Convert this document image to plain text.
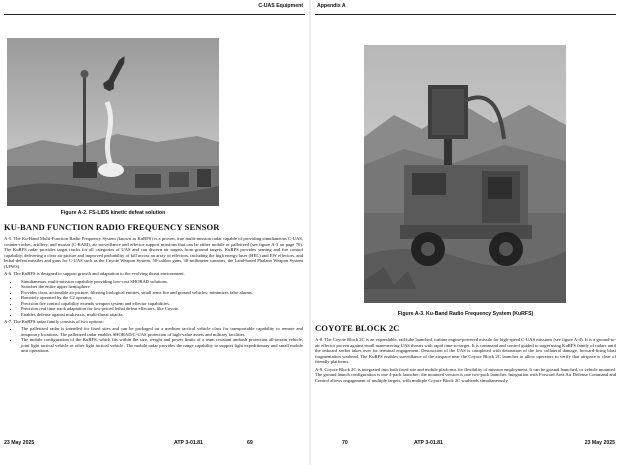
C-UAS Equipment
Figure A-2. FS-LIDS kinetic defeat solution
KU-BAND FUNCTION RADIO FREQUENCY SENSOR

A-5. The Ku-Band Multi-Function Radio Frequency System (known as KuRFS) is a proven, true multi-mission radar capable of providing simultaneous C-UAS, counter-rocket, artillery, and mortar (C-RAM), air surveillance and effector support missions that can be either mobile or palletized (see figure A-3 on page 70). The KuRFS radar provides target tracks for all categories of UAS and can discern air targets from ground targets. KuRFS provides sensing and fire control capability, delivering a clear air picture and improved probability of kill across an array of effectors, including the high energy laser (HEL) and EW effectors, and lethal-defeat missiles and guns for C-UAS such as the Coyote Weapon System, 50-caliber guns, 30-millimeter cannons, the Land-based Phalanx Weapon System (LPWS).

A-6. The KuRFS is designed to support growth and adaptation to the evolving threat environment.

• Simultaneous, multi-mission capability providing low-cost SHORAD solutions.
• Searches the entire upper hemisphere.
• Provides clear, actionable air picture, filtering biological entities, small arms fire and ground vehicles; minimizes false alarms.
• Remotely operated by the C2 operator.
• Precision fire control capability extends weapon system and effector capabilities.
• Precision real time track adaptation for low-priced lethal defeat effectors, like Coyote.
• Enables defense against multi-axis, multi-threat attacks.

A-7. The KuRFS radar family consists of two options:

• The palletized radar is intended for fixed sites and can be packaged on a medium tactical vehicle class for transportable capability to remote and temporary locations. The palletized radar enables SHORAD/C-UAS protection of high-value assets and military facilities.
• The mobile configuration of the KuRFS, which fits within the size, weight and power limits of a team resistant ambush protection all-terrain vehicle, joint light tactical vehicle or other light tactical vehicle. The mobile radar provides the range capability to support light expeditionary and small mobile unit operations.
23 May 2025	ATP 3-01.81	69
Appendix A
Figure A-3. Ku-Band Radio Frequency System (KuRFS)
COYOTE BLOCK 2C

A-8. The Coyote Block 2C is an expendable, rail/tube launched, turbine engine-powered missile for high-speed C-UAS missions (see figure A-4). It is a ground-to-air effector proven against small maneuvering UAS threats with rapid time-to-target. It is command and control guided to target using KuRFS family of radars until the onboard seeker takes over for terminal engagement. Destruction of the UAS is completed with detonation of the low collateral damage, forward-firing blast fragmentation warhead. The KuRFS enables surveillance of the airspace near the Coyote Block 2C launcher to allow operators to verify that airspace is clear of friendly platforms.

A-9. Coyote Block 2C is integrated into both fixed site and mobile platforms for flexibility of mission employment. It can be ground launched, or vehicle mounted. The ground launch configuration is one 4-pack launcher; the mounted version is one two-pack launcher. Integration with Forward Area Air Defense Command and Control allows engagement of multiple targets, with multiple Coyote Block 2C warheads simultaneously.

70	ATP 3-01.81	23 May 2025
